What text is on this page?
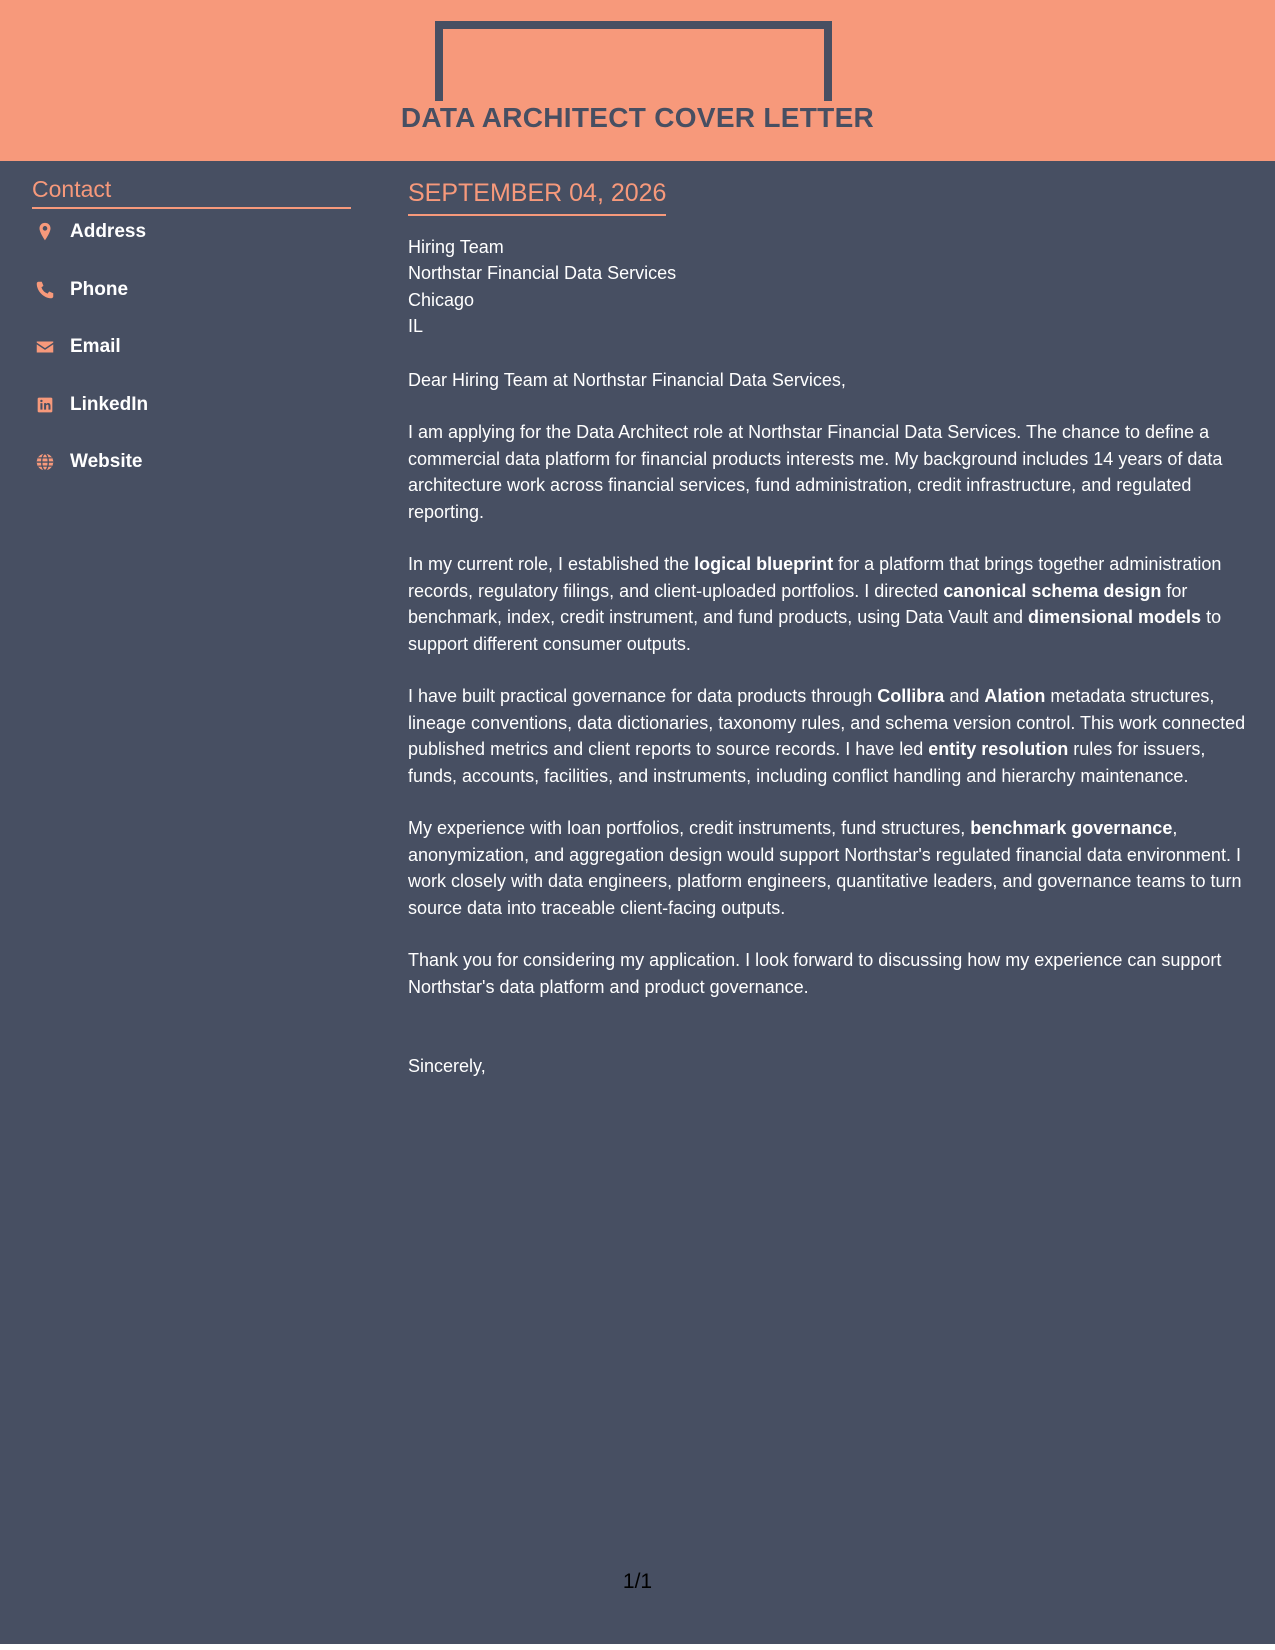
DATA ARCHITECT COVER LETTER
Contact
Address
Phone
Email
LinkedIn
Website
SEPTEMBER 04, 2026
Hiring Team
Northstar Financial Data Services
Chicago
IL

Dear Hiring Team at Northstar Financial Data Services,

I am applying for the Data Architect role at Northstar Financial Data Services. The chance to define a commercial data platform for financial products interests me. My background includes 14 years of data architecture work across financial services, fund administration, credit infrastructure, and regulated reporting.

In my current role, I established the logical blueprint for a platform that brings together administration records, regulatory filings, and client-uploaded portfolios. I directed canonical schema design for benchmark, index, credit instrument, and fund products, using Data Vault and dimensional models to support different consumer outputs.

I have built practical governance for data products through Collibra and Alation metadata structures, lineage conventions, data dictionaries, taxonomy rules, and schema version control. This work connected published metrics and client reports to source records. I have led entity resolution rules for issuers, funds, accounts, facilities, and instruments, including conflict handling and hierarchy maintenance.

My experience with loan portfolios, credit instruments, fund structures, benchmark governance, anonymization, and aggregation design would support Northstar's regulated financial data environment. I work closely with data engineers, platform engineers, quantitative leaders, and governance teams to turn source data into traceable client-facing outputs.

Thank you for considering my application. I look forward to discussing how my experience can support Northstar's data platform and product governance.

Sincerely,

1/1
